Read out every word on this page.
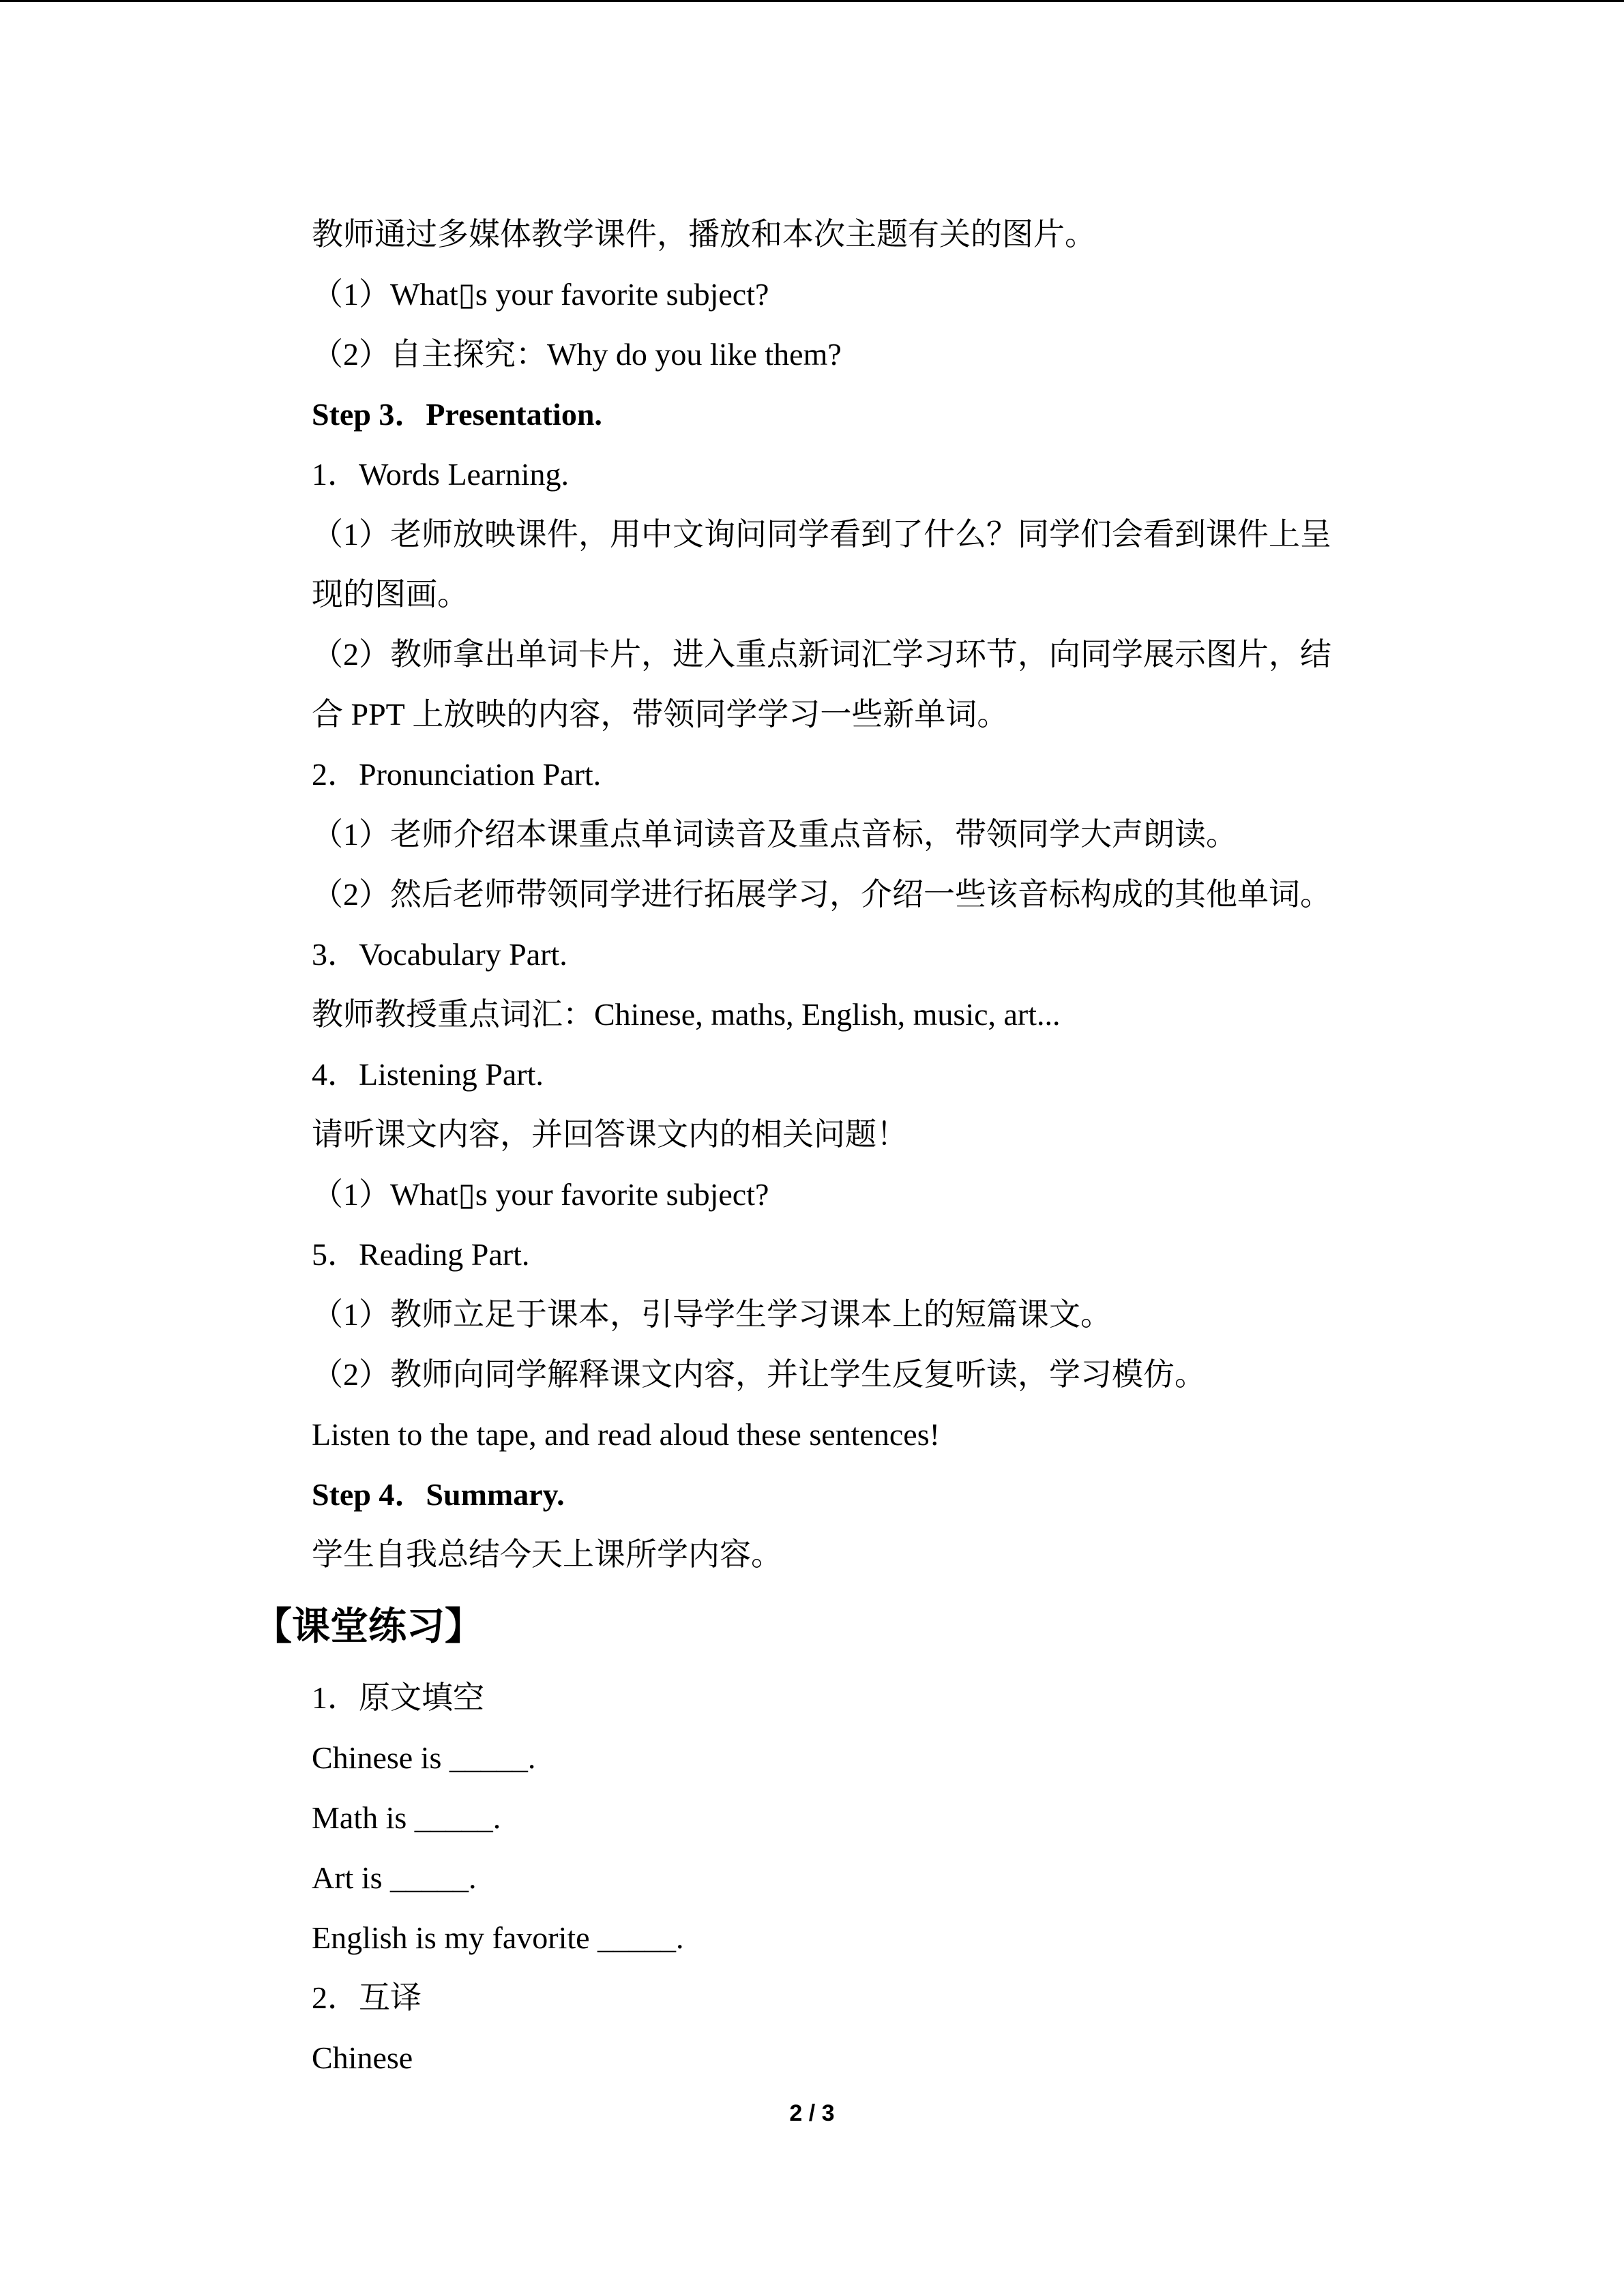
教师通过多媒体教学课件，播放和本次主题有关的图片。
（1）What▯s your favorite subject?
（2）自主探究：Why do you like them?
Step 3．Presentation.
1．Words Learning.
（1）老师放映课件，用中文询问同学看到了什么？同学们会看到课件上呈
现的图画。
（2）教师拿出单词卡片，进入重点新词汇学习环节，向同学展示图片，结
合 PPT 上放映的内容，带领同学学习一些新单词。
2．Pronunciation Part.
（1）老师介绍本课重点单词读音及重点音标，带领同学大声朗读。
（2）然后老师带领同学进行拓展学习，介绍一些该音标构成的其他单词。
3．Vocabulary Part.
教师教授重点词汇：Chinese, maths, English, music, art...
4．Listening Part.
请听课文内容，并回答课文内的相关问题！
（1）What▯s your favorite subject?
5．Reading Part.
（1）教师立足于课本，引导学生学习课本上的短篇课文。
（2）教师向同学解释课文内容，并让学生反复听读，学习模仿。
Listen to the tape, and read aloud these sentences!
Step 4．Summary.
学生自我总结今天上课所学内容。
【课堂练习】
1．原文填空
Chinese is _____.
Math is _____.
Art is _____.
English is my favorite _____.
2．互译
Chinese
2 / 3
